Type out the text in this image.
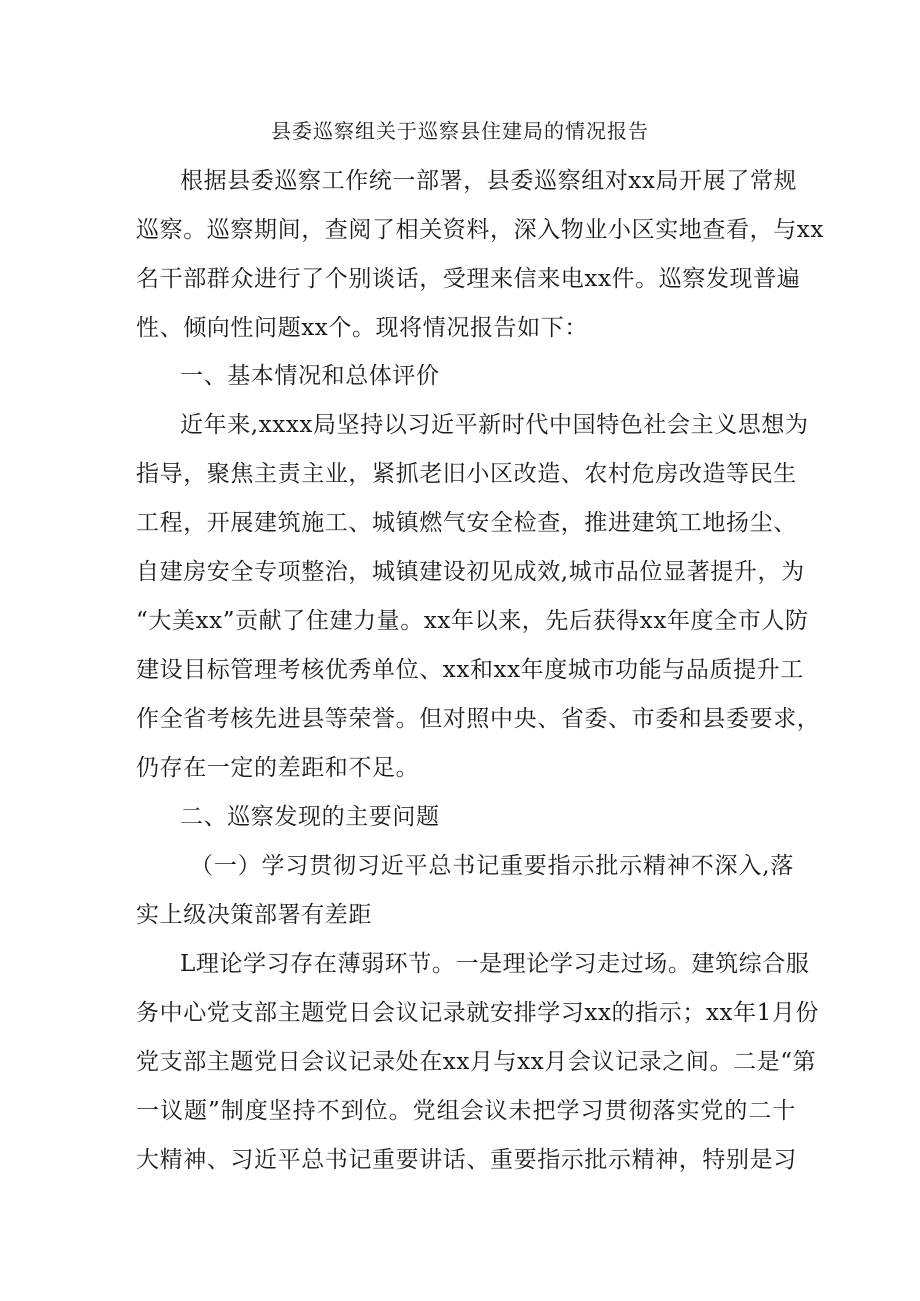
县委巡察组关于巡察县住建局的情况报告
根据县委巡察工作统一部署，县委巡察组对xx局开展了常规
巡察。巡察期间，查阅了相关资料，深入物业小区实地查看，与xx
名干部群众进行了个别谈话，受理来信来电xx件。巡察发现普遍
性、倾向性问题xx个。现将情况报告如下：
一、基本情况和总体评价
近年来,xxxx局坚持以习近平新时代中国特色社会主义思想为
指导，聚焦主责主业，紧抓老旧小区改造、农村危房改造等民生
工程，开展建筑施工、城镇燃气安全检查，推进建筑工地扬尘、
自建房安全专项整治，城镇建设初见成效,城市品位显著提升，为
“大美xx”贡献了住建力量。xx年以来，先后获得xx年度全市人防
建设目标管理考核优秀单位、xx和xx年度城市功能与品质提升工
作全省考核先进县等荣誉。但对照中央、省委、市委和县委要求，
仍存在一定的差距和不足。
二、巡察发现的主要问题
（一）学习贯彻习近平总书记重要指示批示精神不深入,落
实上级决策部署有差距
L理论学习存在薄弱环节。一是理论学习走过场。建筑综合服
务中心党支部主题党日会议记录就安排学习xx的指示；xx年1月份
党支部主题党日会议记录处在xx月与xx月会议记录之间。二是“第
一议题”制度坚持不到位。党组会议未把学习贯彻落实党的二十
大精神、习近平总书记重要讲话、重要指示批示精神，特别是习
